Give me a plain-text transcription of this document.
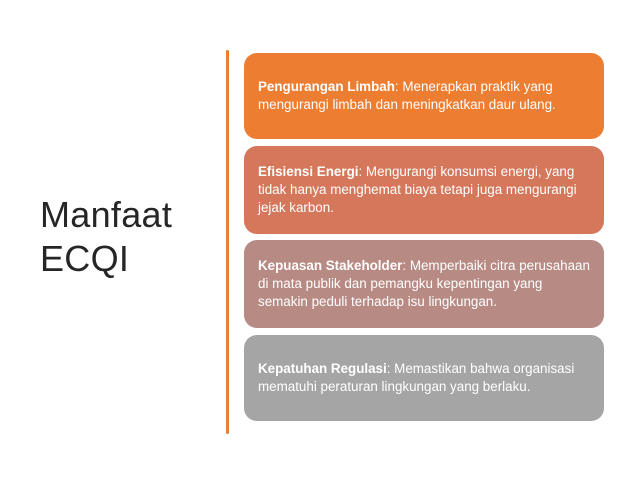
Manfaat
ECQI

Pengurangan Limbah: Menerapkan praktik yang mengurangi limbah dan meningkatkan daur ulang.

Efisiensi Energi: Mengurangi konsumsi energi, yang tidak hanya menghemat biaya tetapi juga mengurangi jejak karbon.

Kepuasan Stakeholder: Memperbaiki citra perusahaan di mata publik dan pemangku kepentingan yang semakin peduli terhadap isu lingkungan.

Kepatuhan Regulasi: Memastikan bahwa organisasi mematuhi peraturan lingkungan yang berlaku.
